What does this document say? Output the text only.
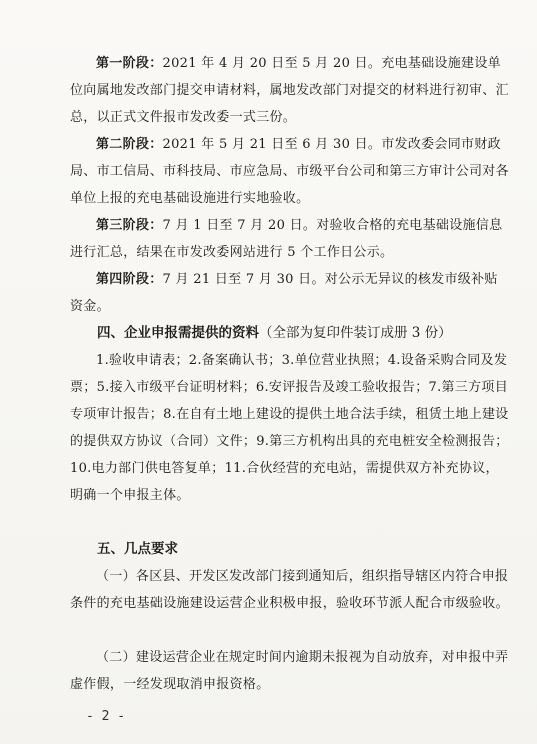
第一阶段：2021 年 4 月 20 日至 5 月 20 日。充电基础设施建设单位向属地发改部门提交申请材料，属地发改部门对提交的材料进行初审、汇总，以正式文件报市发改委一式三份。

第二阶段：2021 年 5 月 21 日至 6 月 30 日。市发改委会同市财政局、市工信局、市科技局、市应急局、市级平台公司和第三方审计公司对各单位上报的充电基础设施进行实地验收。

第三阶段：7 月 1 日至 7 月 20 日。对验收合格的充电基础设施信息进行汇总，结果在市发改委网站进行 5 个工作日公示。

第四阶段：7 月 21 日至 7 月 30 日。对公示无异议的核发市级补贴资金。

四、企业申报需提供的资料（全部为复印件装订成册 3 份）

1.验收申请表；2.备案确认书；3.单位营业执照；4.设备采购合同及发票；5.接入市级平台证明材料；6.安评报告及竣工验收报告；7.第三方项目专项审计报告；8.在自有土地上建设的提供土地合法手续，租赁土地上建设的提供双方协议（合同）文件；9.第三方机构出具的充电桩安全检测报告；10.电力部门供电答复单；11.合伙经营的充电站，需提供双方补充协议，明确一个申报主体。

五、几点要求

（一）各区县、开发区发改部门接到通知后，组织指导辖区内符合申报条件的充电基础设施建设运营企业积极申报，验收环节派人配合市级验收。

（二）建设运营企业在规定时间内逾期未报视为自动放弃，对申报中弄虚作假，一经发现取消申报资格。

- 2 -
